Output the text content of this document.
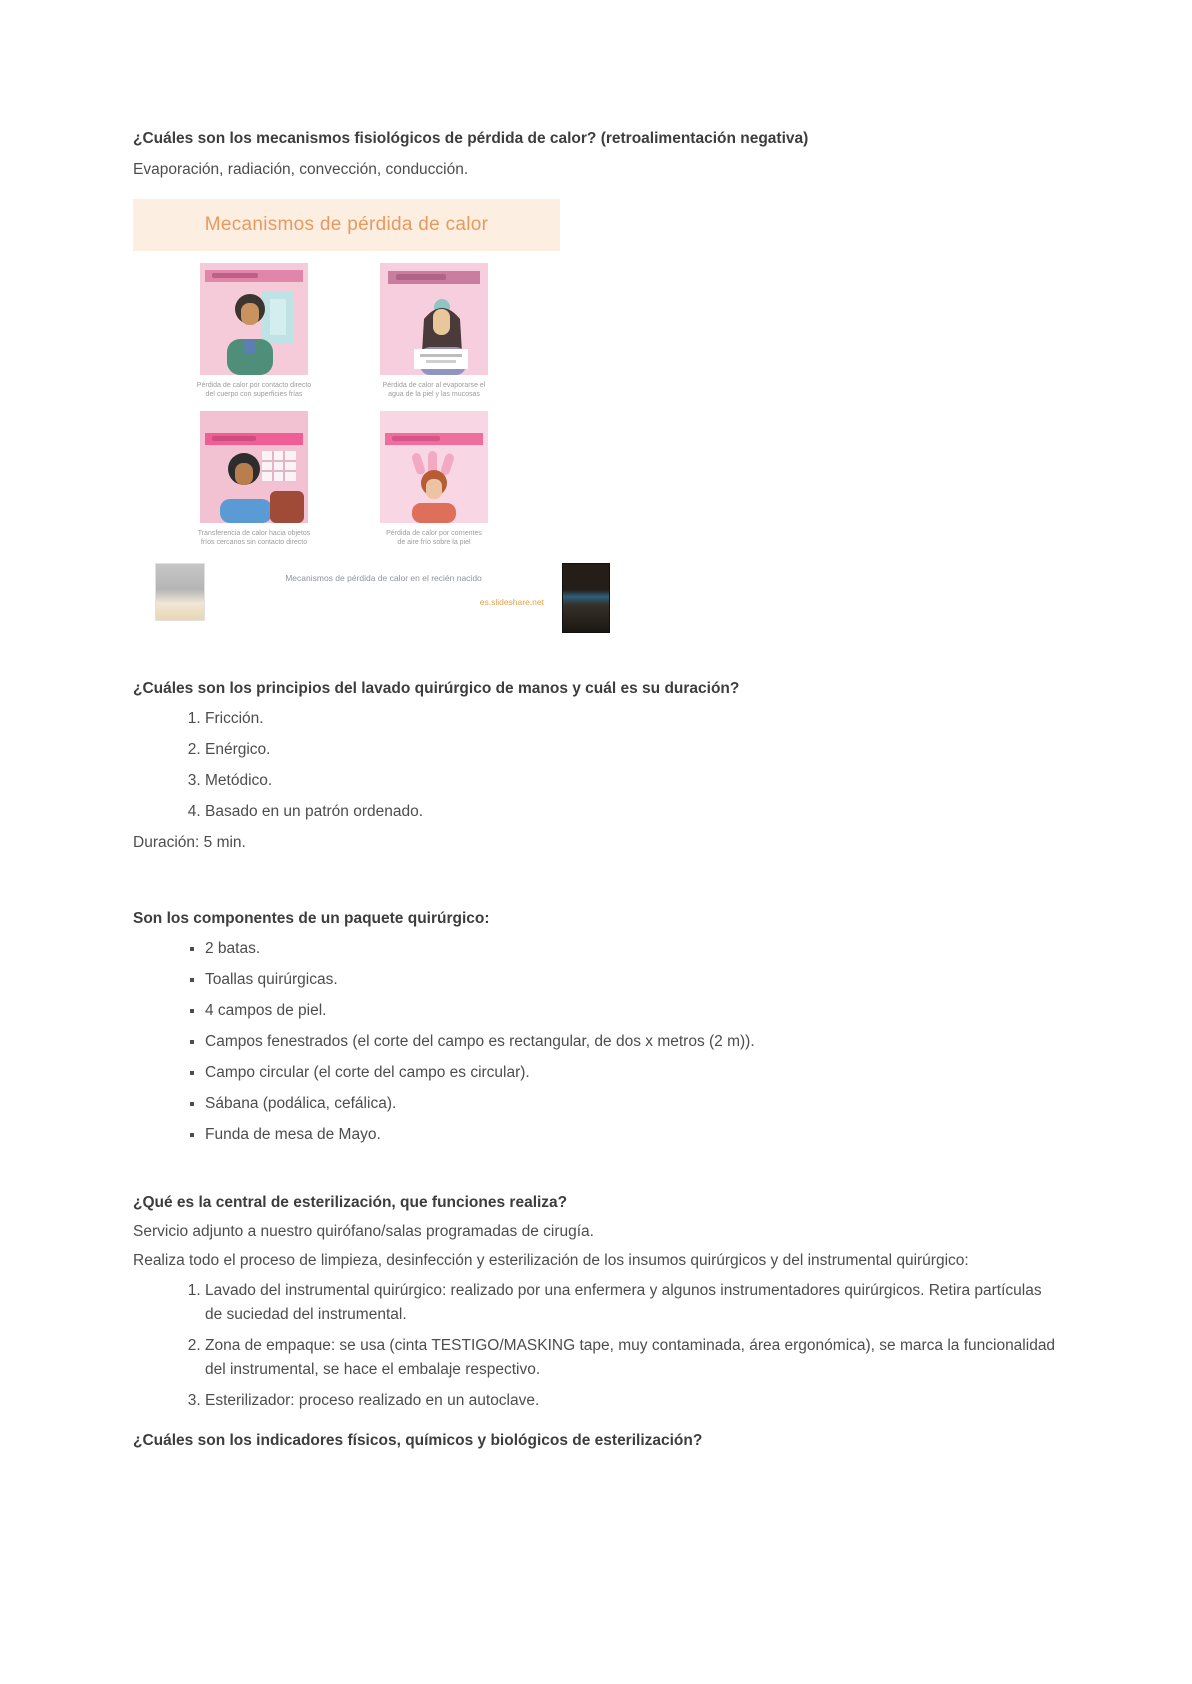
¿Cuáles son los mecanismos fisiológicos de pérdida de calor? (retroalimentación negativa)

Evaporación, radiación, convección, conducción.

Mecanismos de pérdida de calor
Pérdida de calor por contacto directo
del cuerpo con superficies frías
Pérdida de calor al evaporarse el
agua de la piel y las mucosas
Transferencia de calor hacia objetos
fríos cercanos sin contacto directo
Pérdida de calor por corrientes
de aire frío sobre la piel

Mecanismos de pérdida de calor en el recién nacido

es.slideshare.net

¿Cuáles son los principios del lavado quirúrgico de manos y cuál es su duración?

1. Fricción.
2. Enérgico.
3. Metódico.
4. Basado en un patrón ordenado.

Duración: 5 min.

Son los componentes de un paquete quirúrgico:

▪ 2 batas.
▪ Toallas quirúrgicas.
▪ 4 campos de piel.
▪ Campos fenestrados (el corte del campo es rectangular, de dos x metros (2 m)).
▪ Campo circular (el corte del campo es circular).
▪ Sábana (podálica, cefálica).
▪ Funda de mesa de Mayo.

¿Qué es la central de esterilización, que funciones realiza?

Servicio adjunto a nuestro quirófano/salas programadas de cirugía.

Realiza todo el proceso de limpieza, desinfección y esterilización de los insumos quirúrgicos y del instrumental quirúrgico:

1. Lavado del instrumental quirúrgico: realizado por una enfermera y algunos instrumentadores quirúrgicos. Retira partículas de suciedad del instrumental.
2. Zona de empaque: se usa (cinta TESTIGO/MASKING tape, muy contaminada, área ergonómica), se marca la funcionalidad del instrumental, se hace el embalaje respectivo.
3. Esterilizador: proceso realizado en un autoclave.

¿Cuáles son los indicadores físicos, químicos y biológicos de esterilización?
